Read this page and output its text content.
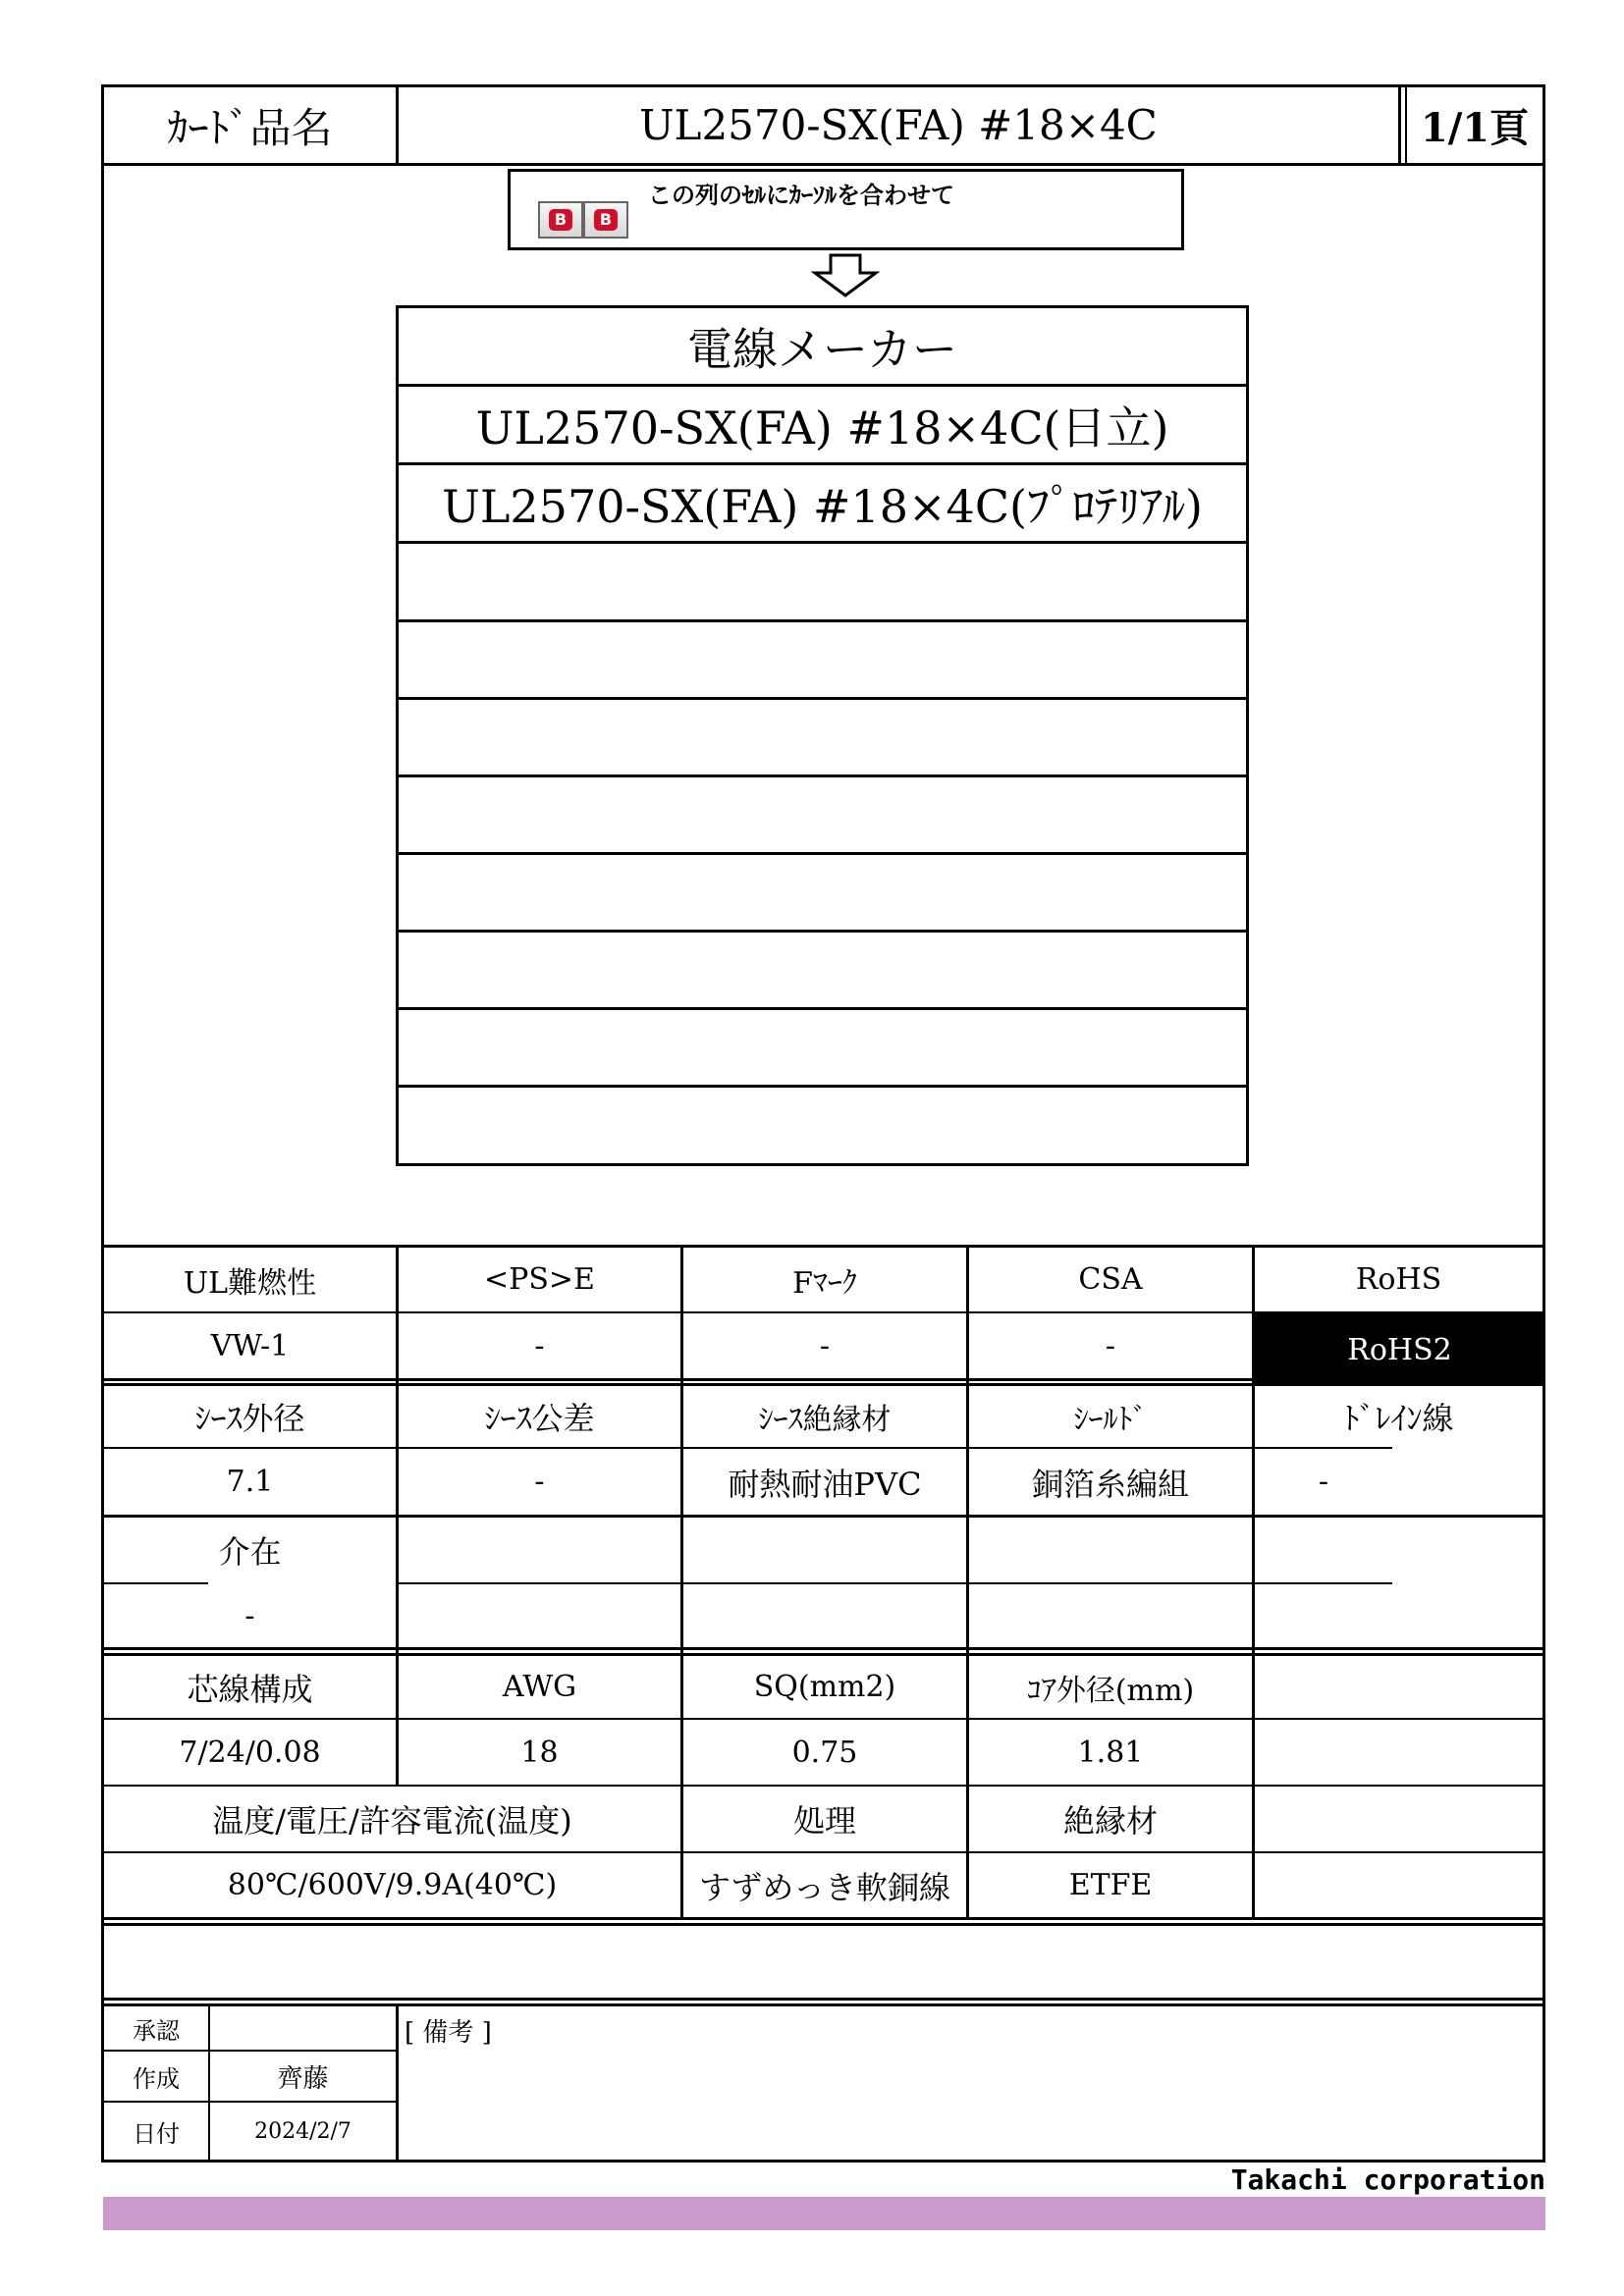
ｶｰﾄﾞ品名	UL2570-SX(FA) #18×4C	1/1頁
B	B
この列のｾﾙにｶｰｿﾙを合わせて
電線メーカー
UL2570-SX(FA) #18×4C(日立)
UL2570-SX(FA) #18×4C(ﾌﾟﾛﾃﾘｱﾙ)
UL難燃性	<PS>E	Fﾏｰｸ	CSA	RoHS
VW-1	-	-	-	RoHS2
ｼｰｽ外径	ｼｰｽ公差	ｼｰｽ絶縁材	ｼｰﾙﾄﾞ	ﾄﾞﾚｲﾝ線
7.1	-	耐熱耐油PVC	銅箔糸編組	-
介在
-
芯線構成	AWG	SQ(mm2)	ｺｱ外径(mm)
7/24/0.08	18	0.75	1.81
温度/電圧/許容電流(温度)	処理	絶縁材
80℃/600V/9.9A(40℃)	すずめっき軟銅線	ETFE
承認
作成	齊藤
日付	2024/2/7
[ 備考 ]
Takachi corporation
